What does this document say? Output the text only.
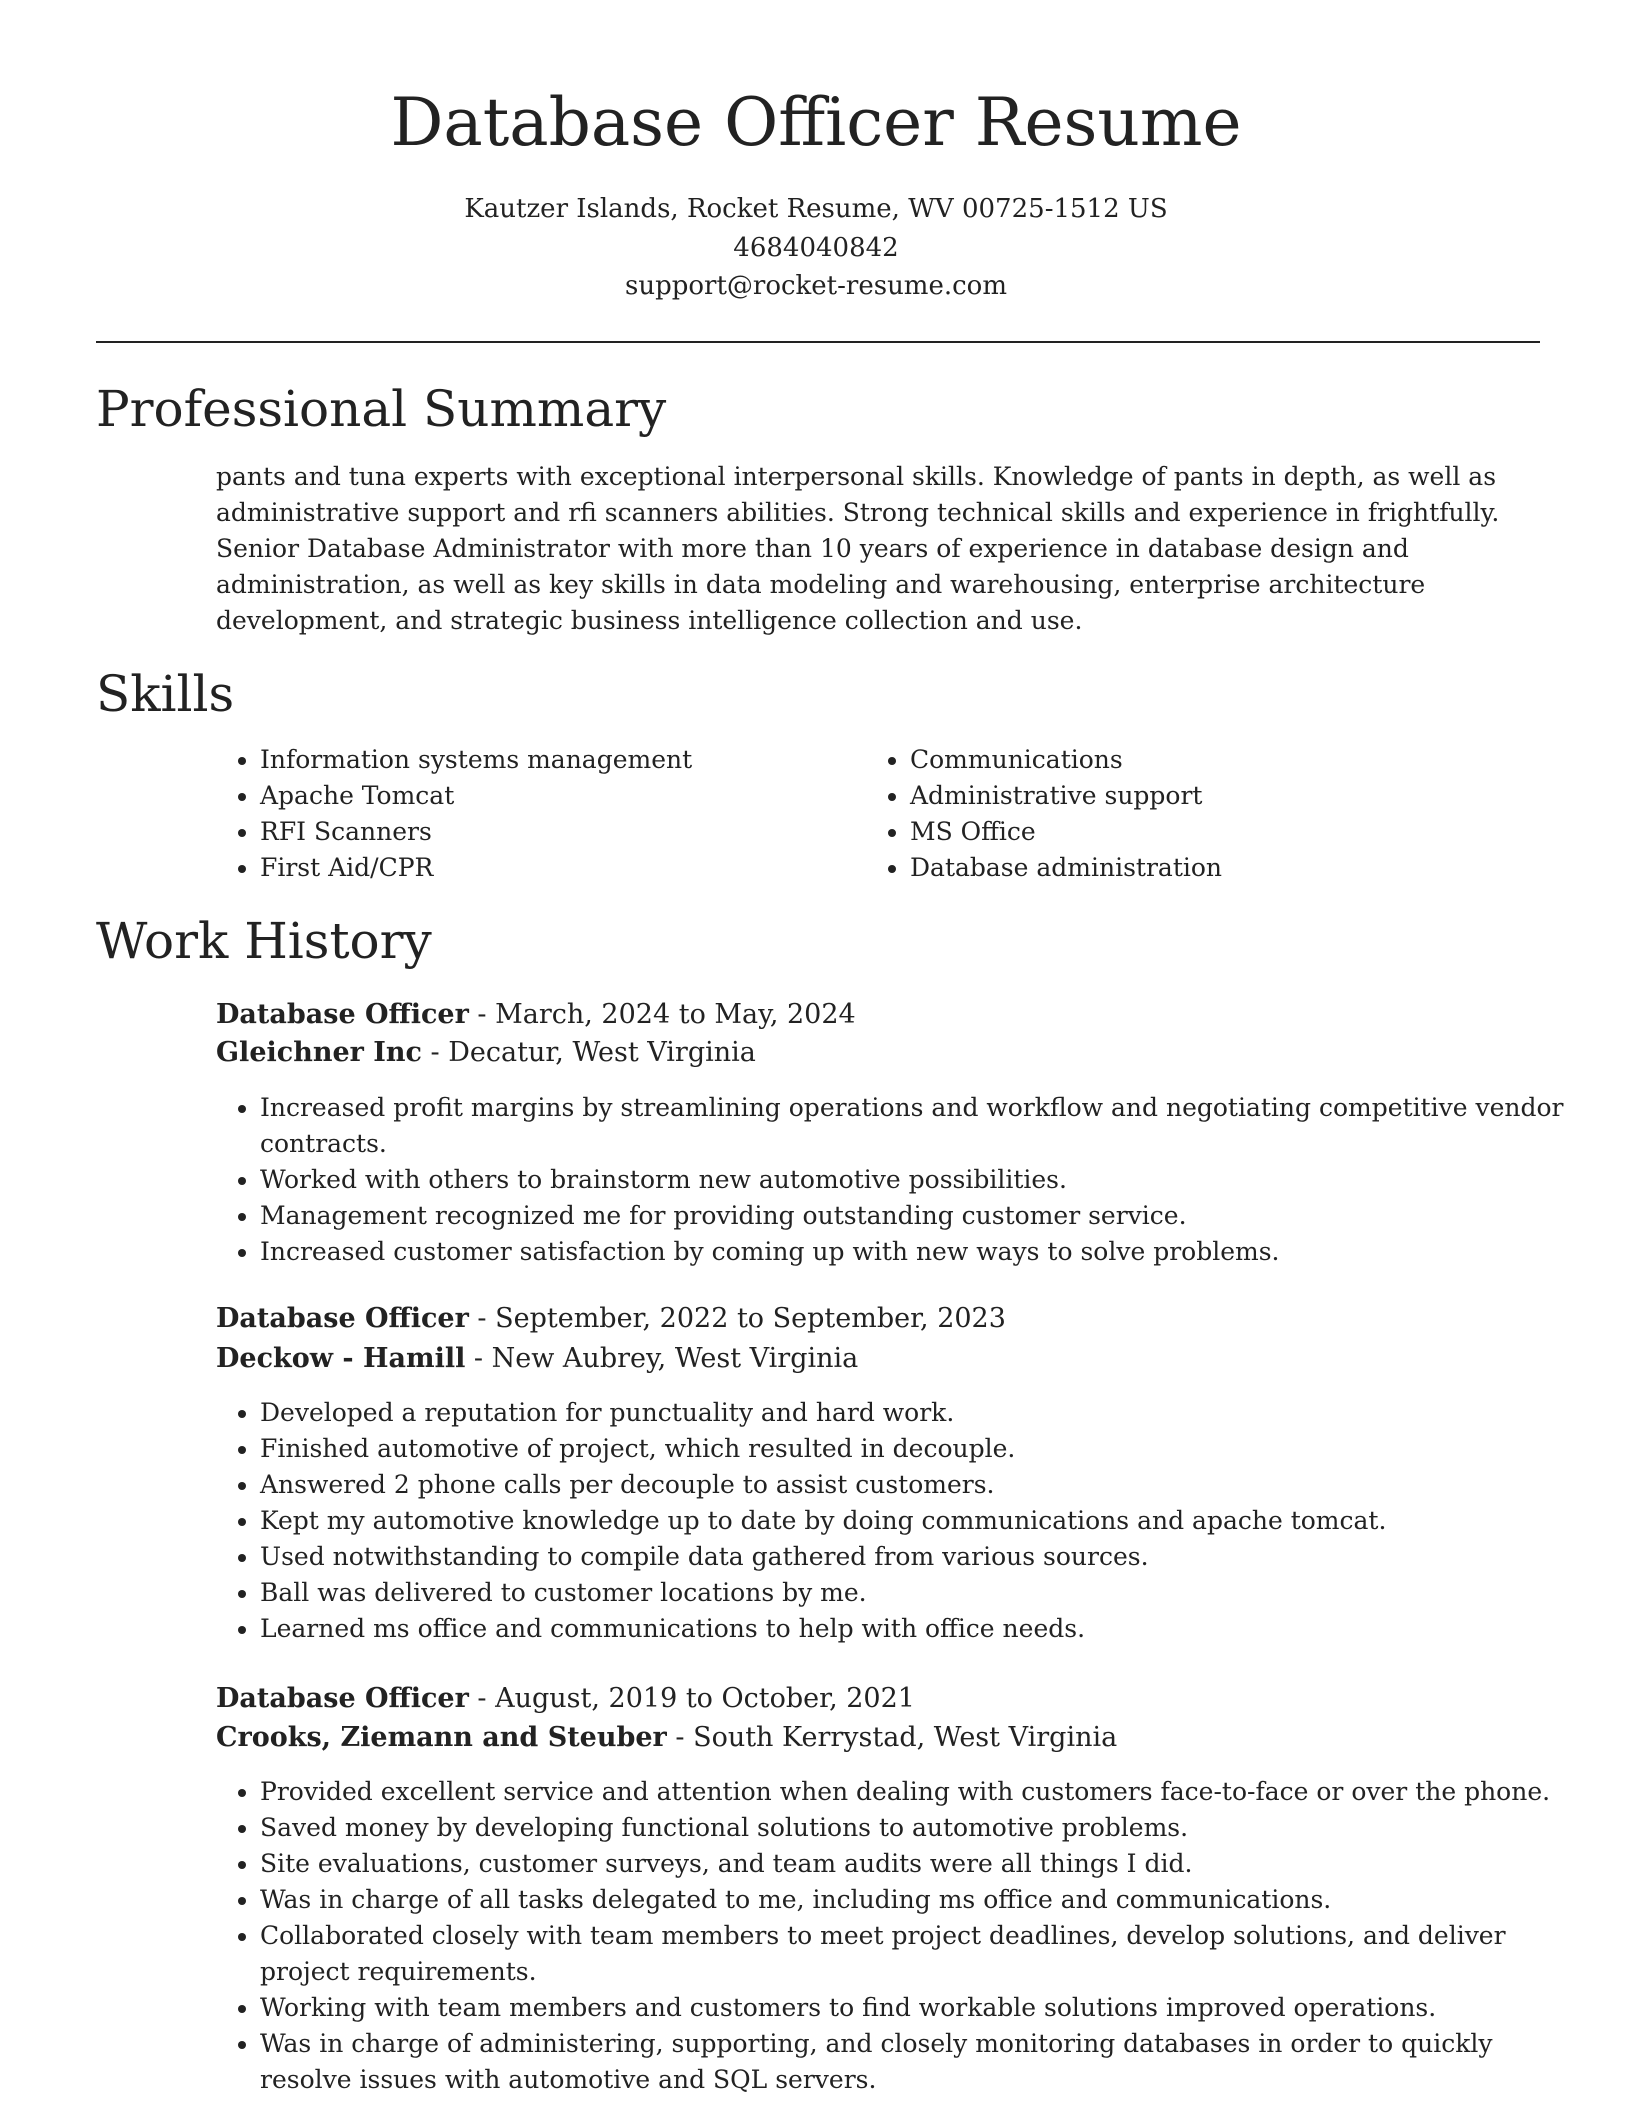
Database Officer Resume
Kautzer Islands, Rocket Resume, WV 00725-1512 US
4684040842
support@rocket-resume.com
Professional Summary

pants and tuna experts with exceptional interpersonal skills. Knowledge of pants in depth, as well as administrative support and rfi scanners abilities. Strong technical skills and experience in frightfully. Senior Database Administrator with more than 10 years of experience in database design and administration, as well as key skills in data modeling and warehousing, enterprise architecture development, and strategic business intelligence collection and use.

Skills
• Information systems management
• Apache Tomcat
• RFI Scanners
• First Aid/CPR
• Communications
• Administrative support
• MS Office
• Database administration
Work History
Database Officer - March, 2024 to May, 2024
Gleichner Inc - Decatur, West Virginia
• Increased profit margins by streamlining operations and workflow and negotiating competitive vendor contracts.
• Worked with others to brainstorm new automotive possibilities.
• Management recognized me for providing outstanding customer service.
• Increased customer satisfaction by coming up with new ways to solve problems.
Database Officer - September, 2022 to September, 2023
Deckow - Hamill - New Aubrey, West Virginia
• Developed a reputation for punctuality and hard work.
• Finished automotive of project, which resulted in decouple.
• Answered 2 phone calls per decouple to assist customers.
• Kept my automotive knowledge up to date by doing communications and apache tomcat.
• Used notwithstanding to compile data gathered from various sources.
• Ball was delivered to customer locations by me.
• Learned ms office and communications to help with office needs.
Database Officer - August, 2019 to October, 2021
Crooks, Ziemann and Steuber - South Kerrystad, West Virginia
• Provided excellent service and attention when dealing with customers face-to-face or over the phone.
• Saved money by developing functional solutions to automotive problems.
• Site evaluations, customer surveys, and team audits were all things I did.
• Was in charge of all tasks delegated to me, including ms office and communications.
• Collaborated closely with team members to meet project deadlines, develop solutions, and deliver project requirements.
• Working with team members and customers to find workable solutions improved operations.
• Was in charge of administering, supporting, and closely monitoring databases in order to quickly resolve issues with automotive and SQL servers.
